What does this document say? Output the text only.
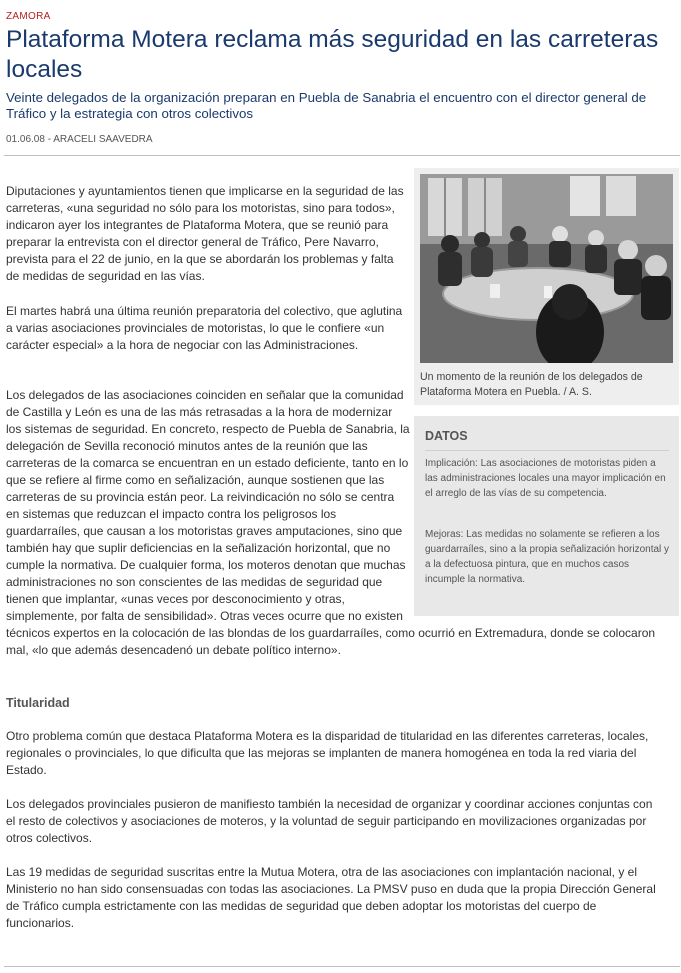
ZAMORA
Plataforma Motera reclama más seguridad en las carreteras locales

Veinte delegados de la organización preparan en Puebla de Sanabria el encuentro con el director general de Tráfico y la estrategia con otros colectivos

01.06.08 - ARACELI SAAVEDRA
Un momento de la reunión de los delegados de Plataforma Motera en Puebla. / A. S.

Diputaciones y ayuntamientos tienen que implicarse en la seguridad de las carreteras, «una seguridad no sólo para los motoristas, sino para todos», indicaron ayer los integrantes de Plataforma Motera, que se reunió para preparar la entrevista con el director general de Tráfico, Pere Navarro, prevista para el 22 de junio, en la que se abordarán los problemas y falta de medidas de seguridad en las vías.

El martes habrá una última reunión preparatoria del colectivo, que aglutina a varias asociaciones provinciales de motoristas, lo que le confiere «un carácter especial» a la hora de negociar con las Administraciones.

Los delegados de las asociaciones coinciden en señalar que la comunidad de Castilla y León es una de las más retrasadas a la hora de modernizar los sistemas de seguridad. En concreto, respecto de Puebla de Sanabria, la delegación de Sevilla reconoció minutos antes de la reunión que las carreteras de la comarca se encuentran en un estado deficiente, tanto en lo que se refiere al firme como en señalización, aunque sostienen que las carreteras de su provincia están peor. La reivindicación no sólo se centra en sistemas que reduzcan el impacto contra los peligrosos los guardarraíles, que causan a los motoristas graves amputaciones, sino que también hay que suplir deficiencias en la señalización horizontal, que no cumple la normativa. De cualquier forma, los moteros denotan que muchas administraciones no son conscientes de las medidas de seguridad que tienen que implantar, «unas veces por desconocimiento y otras, simplemente, por falta de sensibilidad». Otras veces ocurre que no existen técnicos expertos en la colocación de las blondas de los guardarraíles, como ocurrió en Extremadura, donde se colocaron mal, «lo que además desencadenó un debate político interno».

DATOS

Implicación: Las asociaciones de motoristas piden a las administraciones locales una mayor implicación en el arreglo de las vías de su competencia.

Mejoras: Las medidas no solamente se refieren a los guardarraíles, sino a la propia señalización horizontal y a la defectuosa pintura, que en muchos casos incumple la normativa.

Titularidad

Otro problema común que destaca Plataforma Motera es la disparidad de titularidad en las diferentes carreteras, locales, regionales o provinciales, lo que dificulta que las mejoras se implanten de manera homogénea en toda la red viaria del Estado.

Los delegados provinciales pusieron de manifiesto también la necesidad de organizar y coordinar acciones conjuntas con el resto de colectivos y asociaciones de moteros, y la voluntad de seguir participando en movilizaciones organizadas por otros colectivos.

Las 19 medidas de seguridad suscritas entre la Mutua Motera, otra de las asociaciones con implantación nacional, y el Ministerio no han sido consensuadas con todas las asociaciones. La PMSV puso en duda que la propia Dirección General de Tráfico cumpla estrictamente con las medidas de seguridad que deben adoptar los motoristas del cuerpo de funcionarios.
